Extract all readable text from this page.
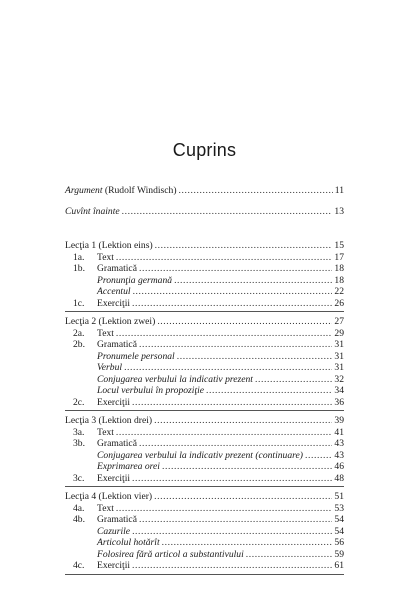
Cuprins
Argument (Rudolf Windisch) .....	11
Cuvînt înainte .....	13
Lecţia 1 (Lektion eins) .....	15
1a.	Text .....	17
1b.	Gramatică .....	18
Pronunţia germană .....	18
Accentul .....	22
1c.	Exerciţii .....	26
Lecţia 2 (Lektion zwei) .....	27
2a.	Text .....	29
2b.	Gramatică .....	31
Pronumele personal .....	31
Verbul .....	31
Conjugarea verbului la indicativ prezent .....	32
Locul verbului în propoziţie .....	34
2c.	Exerciţii .....	36
Lecţia 3 (Lektion drei) .....	39
3a.	Text .....	41
3b.	Gramatică .....	43
Conjugarea verbului la indicativ prezent (continuare) .....	43
Exprimarea orei .....	46
3c.	Exerciţii .....	48
Lecţia 4 (Lektion vier) .....	51
4a.	Text .....	53
4b.	Gramatică .....	54
Cazurile .....	54
Articolul hotărît .....	56
Folosirea fără articol a substantivului .....	59
4c.	Exerciţii .....	61
